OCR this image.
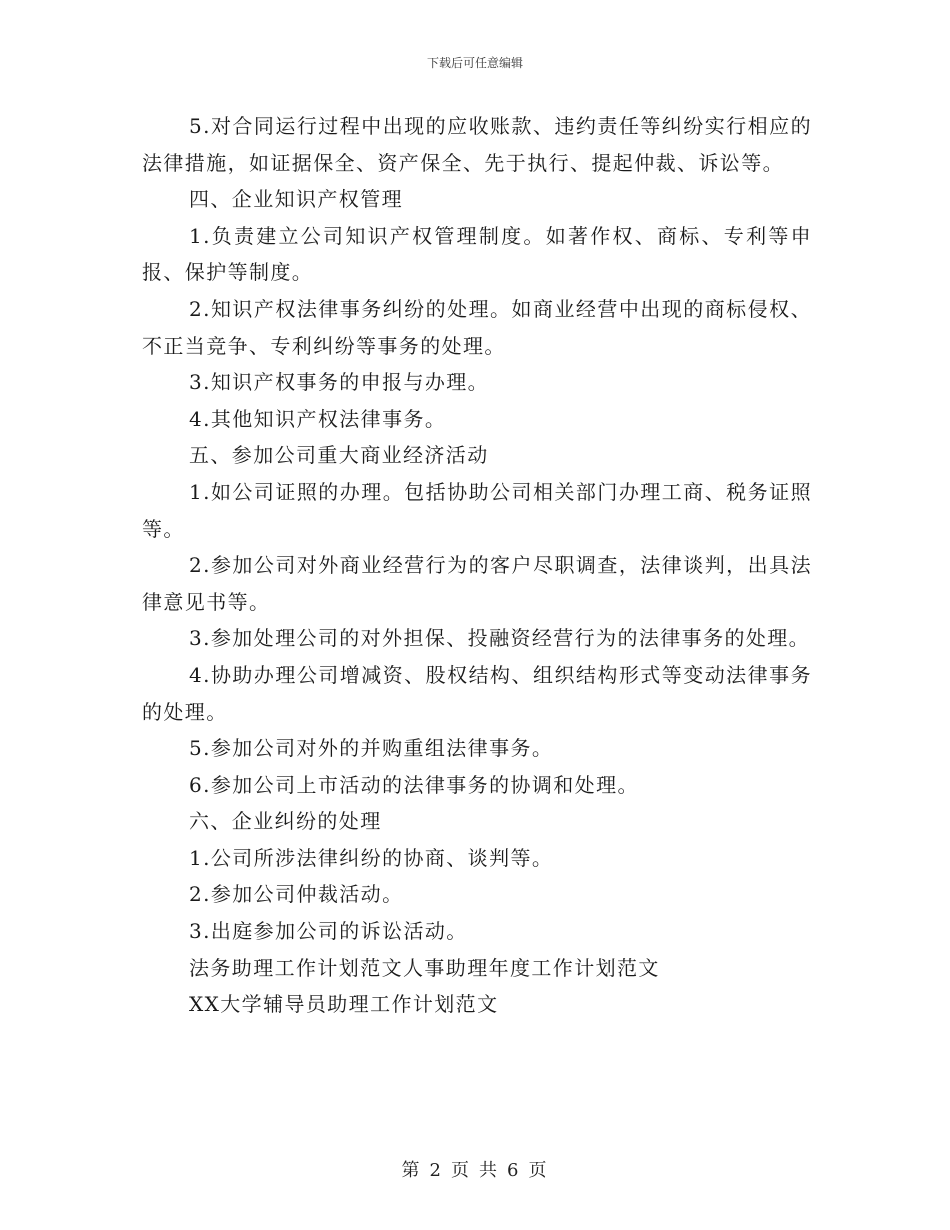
下载后可任意编辑

5.对合同运行过程中出现的应收账款、违约责任等纠纷实行相应的法律措施，如证据保全、资产保全、先于执行、提起仲裁、诉讼等。

四、企业知识产权管理

1.负责建立公司知识产权管理制度。如著作权、商标、专利等申报、保护等制度。

2.知识产权法律事务纠纷的处理。如商业经营中出现的商标侵权、不正当竞争、专利纠纷等事务的处理。

3.知识产权事务的申报与办理。

4.其他知识产权法律事务。

五、参加公司重大商业经济活动

1.如公司证照的办理。包括协助公司相关部门办理工商、税务证照等。

2.参加公司对外商业经营行为的客户尽职调查，法律谈判，出具法律意见书等。

3.参加处理公司的对外担保、投融资经营行为的法律事务的处理。

4.协助办理公司增减资、股权结构、组织结构形式等变动法律事务的处理。

5.参加公司对外的并购重组法律事务。

6.参加公司上市活动的法律事务的协调和处理。

六、企业纠纷的处理

1.公司所涉法律纠纷的协商、谈判等。

2.参加公司仲裁活动。

3.出庭参加公司的诉讼活动。

法务助理工作计划范文人事助理年度工作计划范文

XX大学辅导员助理工作计划范文

第 2 页 共 6 页
